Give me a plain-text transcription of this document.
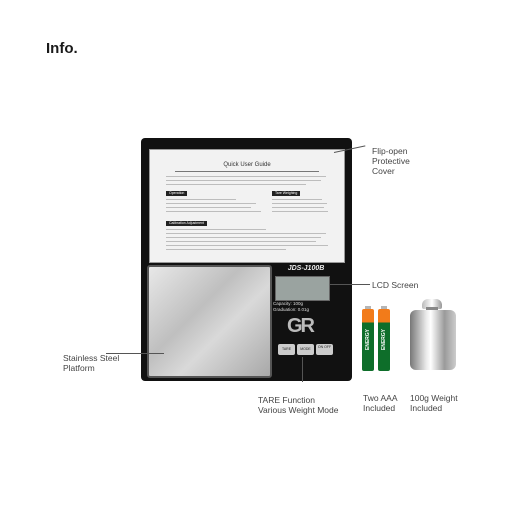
Info.
Quick User Guide
Operation	Tare Weighing
Calibration Adjustment
JDS-J100B
Capacity: 100g
Graduation: 0.01g
GR
TARE	MODE	ON OFF	ENERGY ENERGY
Flip-open
Protective
Cover
LCD Screen
Stainless Steel
Platform
TARE Function
Various Weight Mode
Two AAA
Included
100g Weight
Included
